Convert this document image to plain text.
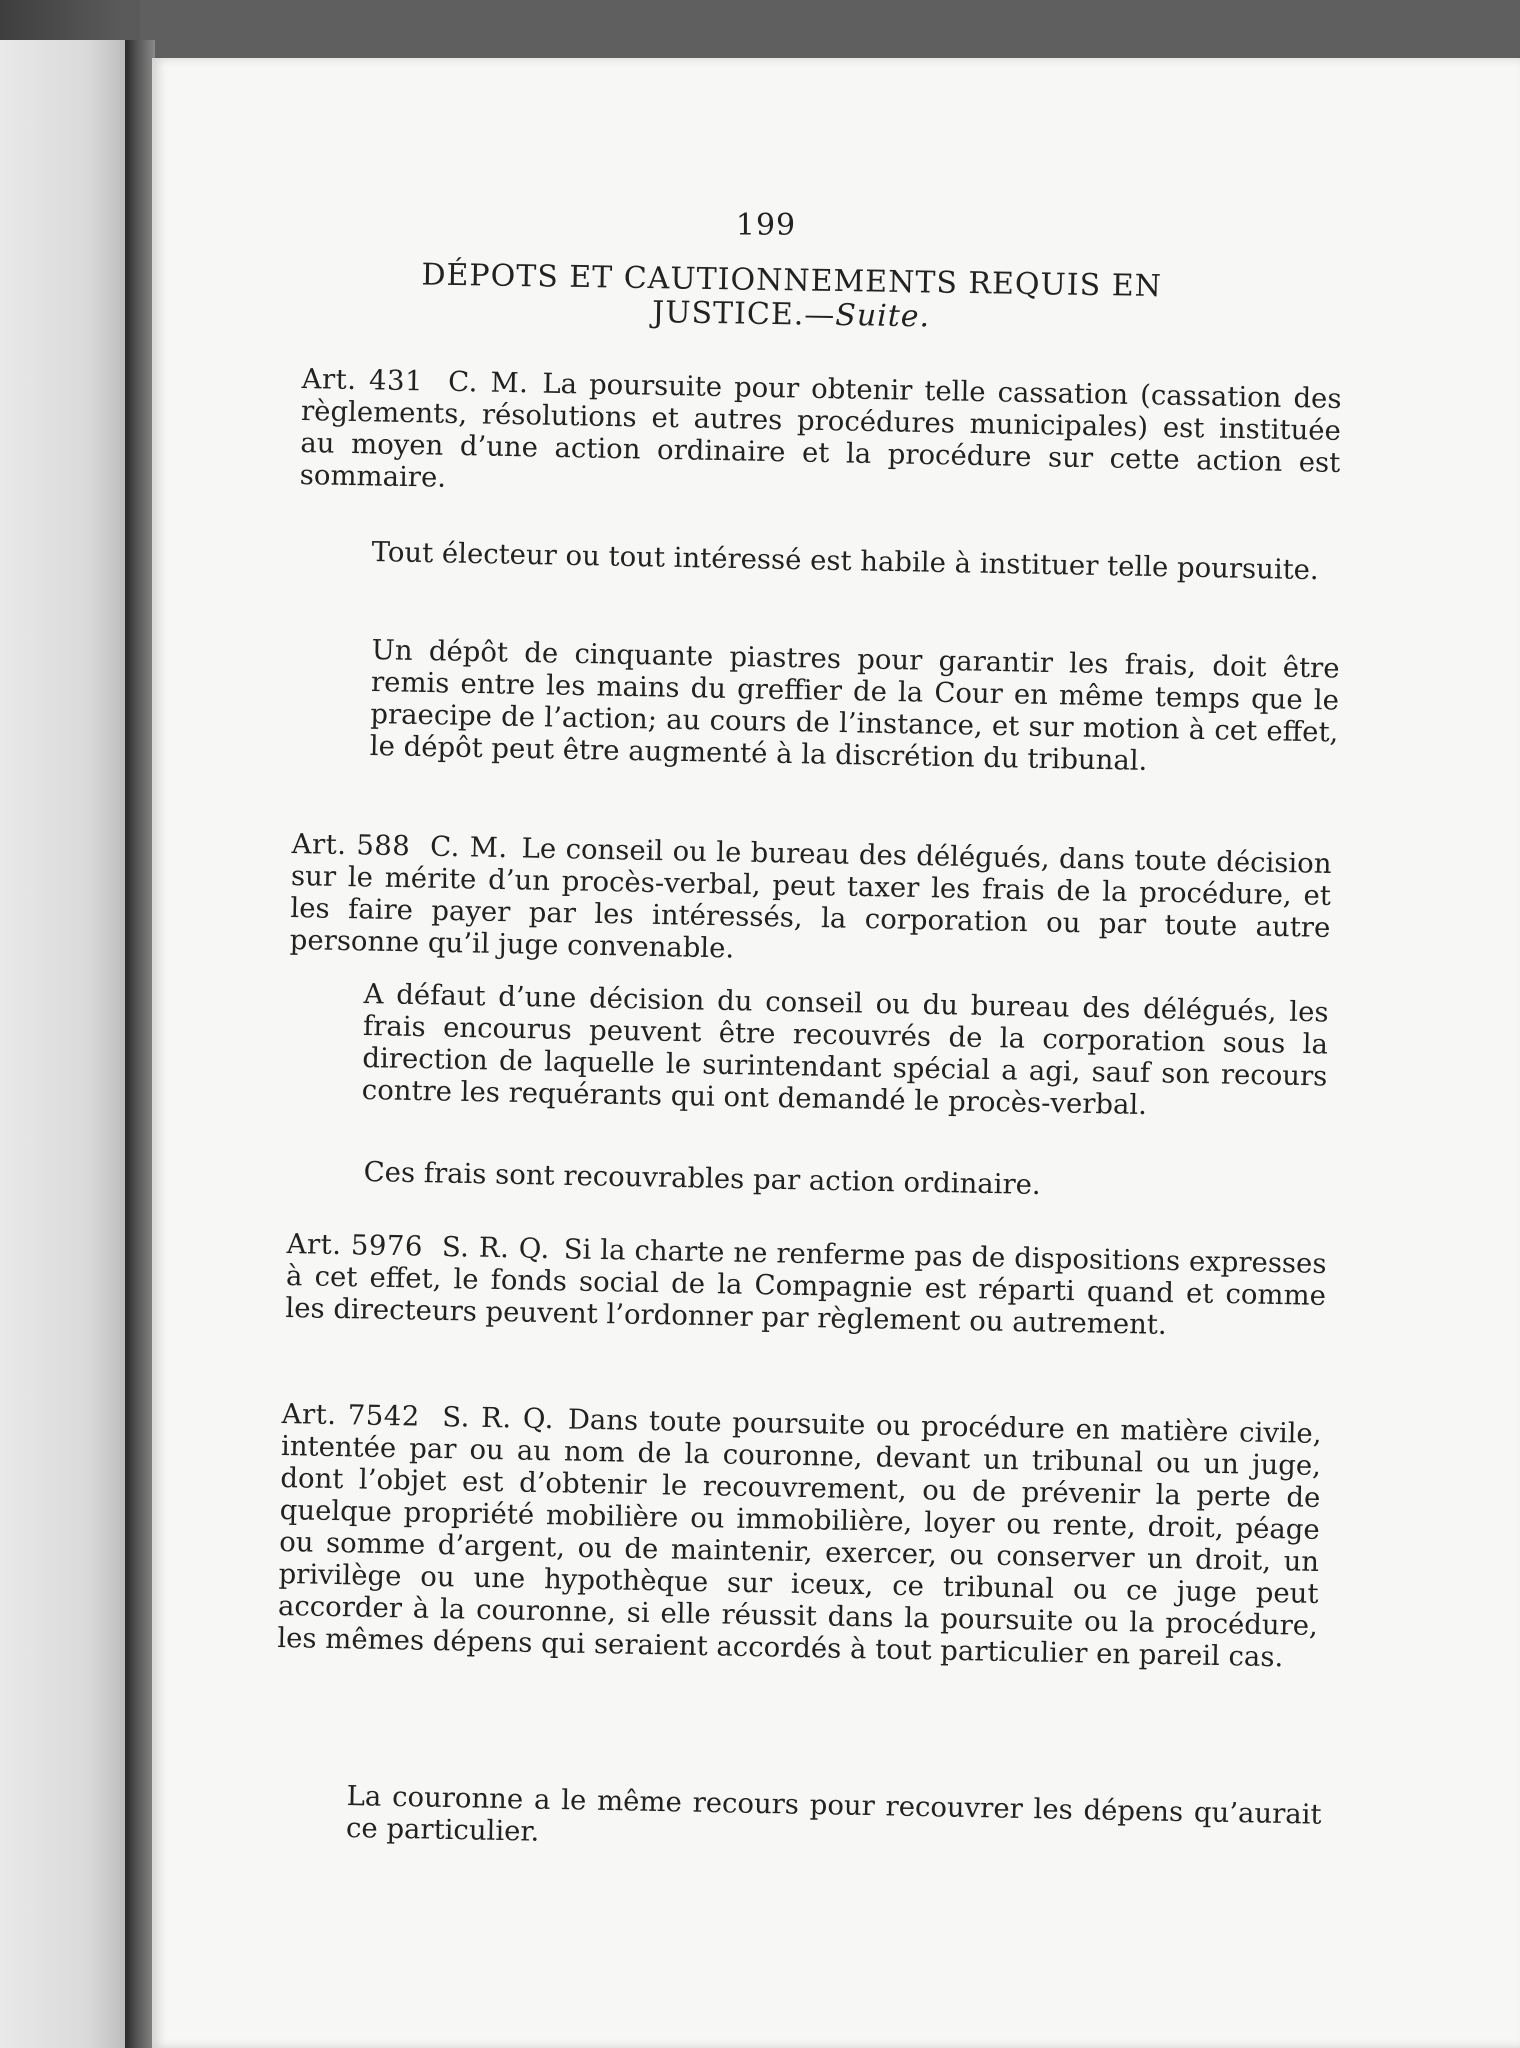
199
DÉPOTS ET CAUTIONNEMENTS REQUIS EN
JUSTICE.—Suite.
Art. 431  C. M. La poursuite pour obtenir telle cassation (cassation des règlements, résolutions et autres procédures municipales) est instituée au moyen d’une action ordinaire et la procédure sur cette action est sommaire.
Tout électeur ou tout intéressé est habile à instituer telle poursuite.
Un dépôt de cinquante piastres pour garantir les frais, doit être remis entre les mains du greffier de la Cour en même temps que le praecipe de l’action; au cours de l’instance, et sur motion à cet effet, le dépôt peut être augmenté à la discrétion du tribunal.
Art. 588  C. M. Le conseil ou le bureau des délégués, dans toute décision sur le mérite d’un procès-verbal, peut taxer les frais de la procédure, et les faire payer par les intéressés, la corporation ou par toute autre personne qu’il juge convenable.
A défaut d’une décision du conseil ou du bureau des délégués, les frais encourus peuvent être recouvrés de la corporation sous la direction de laquelle le surintendant spécial a agi, sauf son recours contre les requérants qui ont demandé le procès-verbal.
Ces frais sont recouvrables par action ordinaire.
Art. 5976  S. R. Q. Si la charte ne renferme pas de dispositions expresses à cet effet, le fonds social de la Compagnie est réparti quand et comme les directeurs peuvent l’ordonner par règlement ou autrement.
Art. 7542  S. R. Q. Dans toute poursuite ou procédure en matière civile, intentée par ou au nom de la couronne, devant un tribunal ou un juge, dont l’objet est d’obtenir le recouvrement, ou de prévenir la perte de quelque propriété mobilière ou immobilière, loyer ou rente, droit, péage ou somme d’argent, ou de maintenir, exercer, ou conserver un droit, un privilège ou une hypothèque sur iceux, ce tribunal ou ce juge peut accorder à la couronne, si elle réussit dans la poursuite ou la procédure, les mêmes dépens qui seraient accordés à tout particulier en pareil cas.
La couronne a le même recours pour recouvrer les dépens qu’aurait ce particulier.
